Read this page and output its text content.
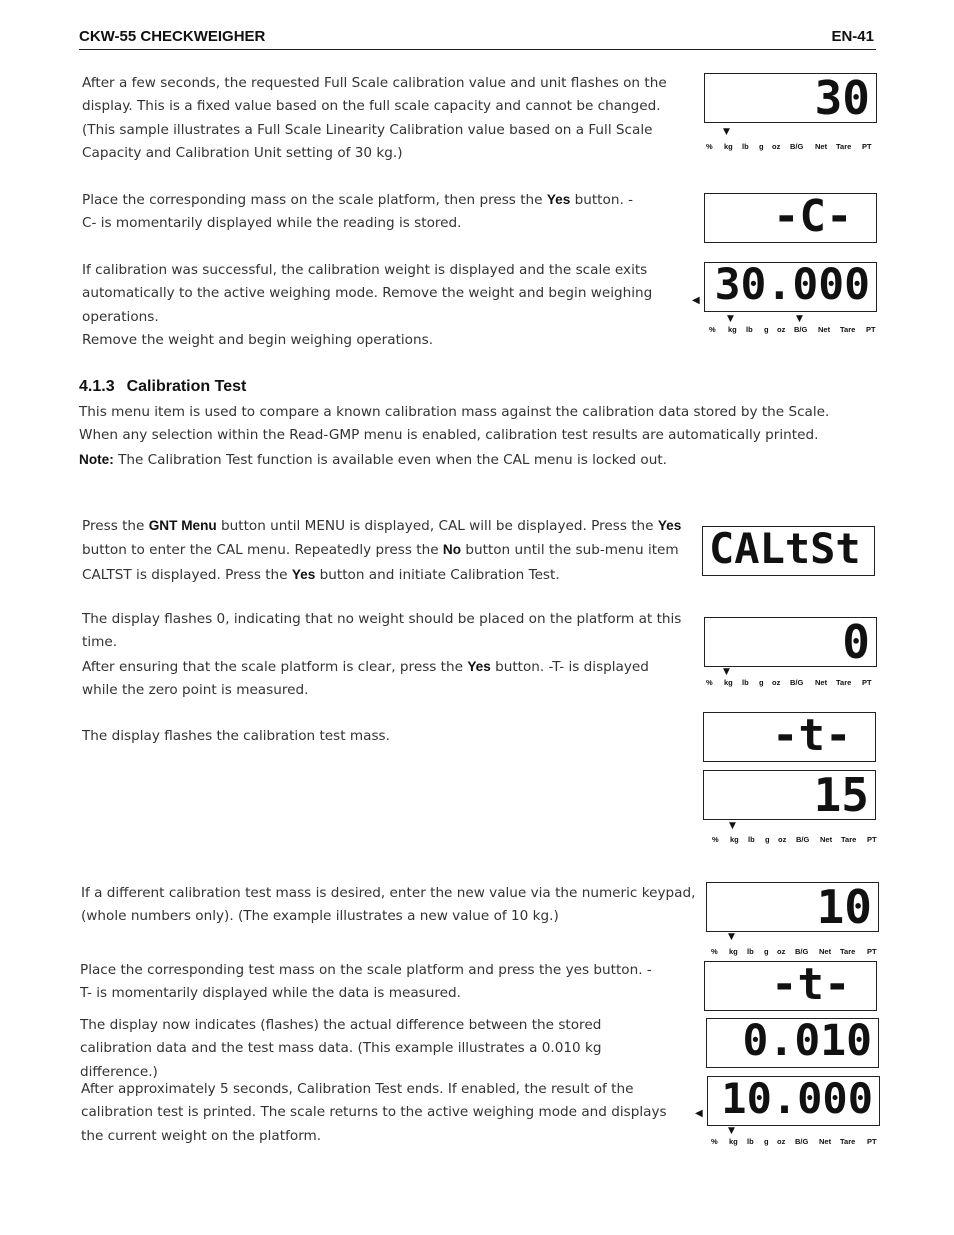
CKW-55 CHECKWEIGHER	EN-41

After a few seconds, the requested Full Scale calibration value and unit flashes on the display. This is a fixed value based on the full scale capacity and cannot be changed.

(This sample illustrates a Full Scale Linearity Calibration value based on a Full Scale Capacity and Calibration Unit setting of 30 kg.)

Place the corresponding mass on the scale platform, then press the Yes button. -C- is momentarily displayed while the reading is stored.

If calibration was successful, the calibration weight is displayed and the scale exits automatically to the active weighing mode. Remove the weight and begin weighing operations.

Remove the weight and begin weighing operations.

4.1.3 Calibration Test

This menu item is used to compare a known calibration mass against the calibration data stored by the Scale. When any selection within the Read-GMP menu is enabled, calibration test results are automatically printed.

Note: The Calibration Test function is available even when the CAL menu is locked out.

Press the GNT Menu button until MENU is displayed, CAL will be displayed. Press the Yes button to enter the CAL menu. Repeatedly press the No button until the sub-menu item CALTST is displayed. Press the Yes button and initiate Calibration Test.

The display flashes 0, indicating that no weight should be placed on the platform at this time.

After ensuring that the scale platform is clear, press the Yes button. -T- is displayed while the zero point is measured.

The display flashes the calibration test mass.

If a different calibration test mass is desired, enter the new value via the numeric keypad, (whole numbers only). (The example illustrates a new value of 10 kg.)

Place the corresponding test mass on the scale platform and press the yes button. -T- is momentarily displayed while the data is measured.

The display now indicates (flashes) the actual difference between the stored calibration data and the test mass data. (This example illustrates a 0.010 kg difference.)

After approximately 5 seconds, Calibration Test ends. If enabled, the result of the calibration test is printed. The scale returns to the active weighing mode and displays the current weight on the platform.

30
▼
% kg lb g oz B/G Net Tare PT
-C-
30.000
◀
▼	▼
% kg lb g oz B/G Net Tare PT
CALtSt
0
▼
% kg lb g oz B/G Net Tare PT
-t-
15
▼
% kg lb g oz B/G Net Tare PT
10
▼
% kg lb g oz B/G Net Tare PT
-t-
0.010
10.000
◀
▼
% kg lb g oz B/G Net Tare PT
